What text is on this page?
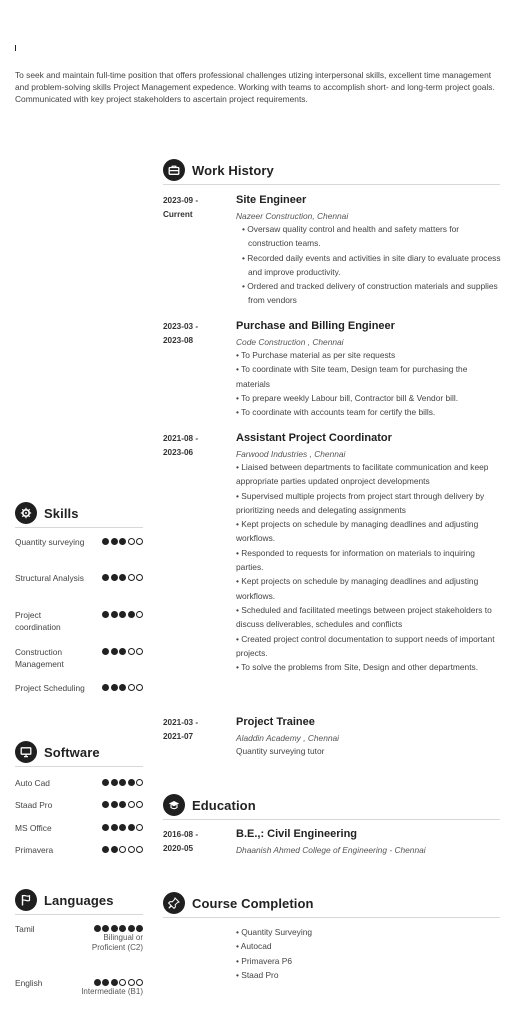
To seek and maintain full-time position that offers professional challenges utizing interpersonal skills, excellent time management and problem-solving skills Project Management expedence. Working with teams to accomplish short- and long-term project goals. Communicated with key project stakeholders to ascertain project requirements.

Skills
Quantity surveying
Structural Analysis
Project coordination
Construction Management
Project Scheduling
Software
Auto Cad
Staad Pro
MS Office
Primavera
Languages
Tamil
Bilingual or Proficient (C2)
English
Intermediate (B1)
Work History
2023-09 -
Current
Site Engineer
Nazeer Construction, Chennai
• Oversaw quality control and health and safety matters for construction teams.
• Recorded daily events and activities in site diary to evaluate process and improve productivity.
• Ordered and tracked delivery of construction materials and supplies from vendors
2023-03 -
2023-08
Purchase and Billing Engineer
Code Construction , Chennai
• To Purchase material as per site requests
• To coordinate with Site team, Design team for purchasing the materials
• To prepare weekly Labour bill, Contractor bill & Vendor bill.
• To coordinate with accounts team for certify the bills.
2021-08 -
2023-06
Assistant Project Coordinator
Farwood Industries , Chennai
• Liaised between departments to facilitate communication and keep appropriate parties updated onproject developments
• Supervised multiple projects from project start through delivery by prioritizing needs and delegating assignments
• Kept projects on schedule by managing deadlines and adjusting workflows.
• Responded to requests for information on materials to inquiring parties.
• Kept projects on schedule by managing deadlines and adjusting workflows.
• Scheduled and facilitated meetings between project stakeholders to discuss deliverables, schedules and conflicts
• Created project control documentation to support needs of important projects.
• To solve the problems from Site, Design and other departments.
2021-03 -
2021-07
Project Trainee
Aladdin Academy , Chennai
Quantity surveying tutor
Education
2016-08 -
2020-05
B.E.,: Civil Engineering
Dhaanish Ahmed College of Engineering - Chennai
Course Completion
• Quantity Surveying
• Autocad
• Primavera P6
• Staad Pro
